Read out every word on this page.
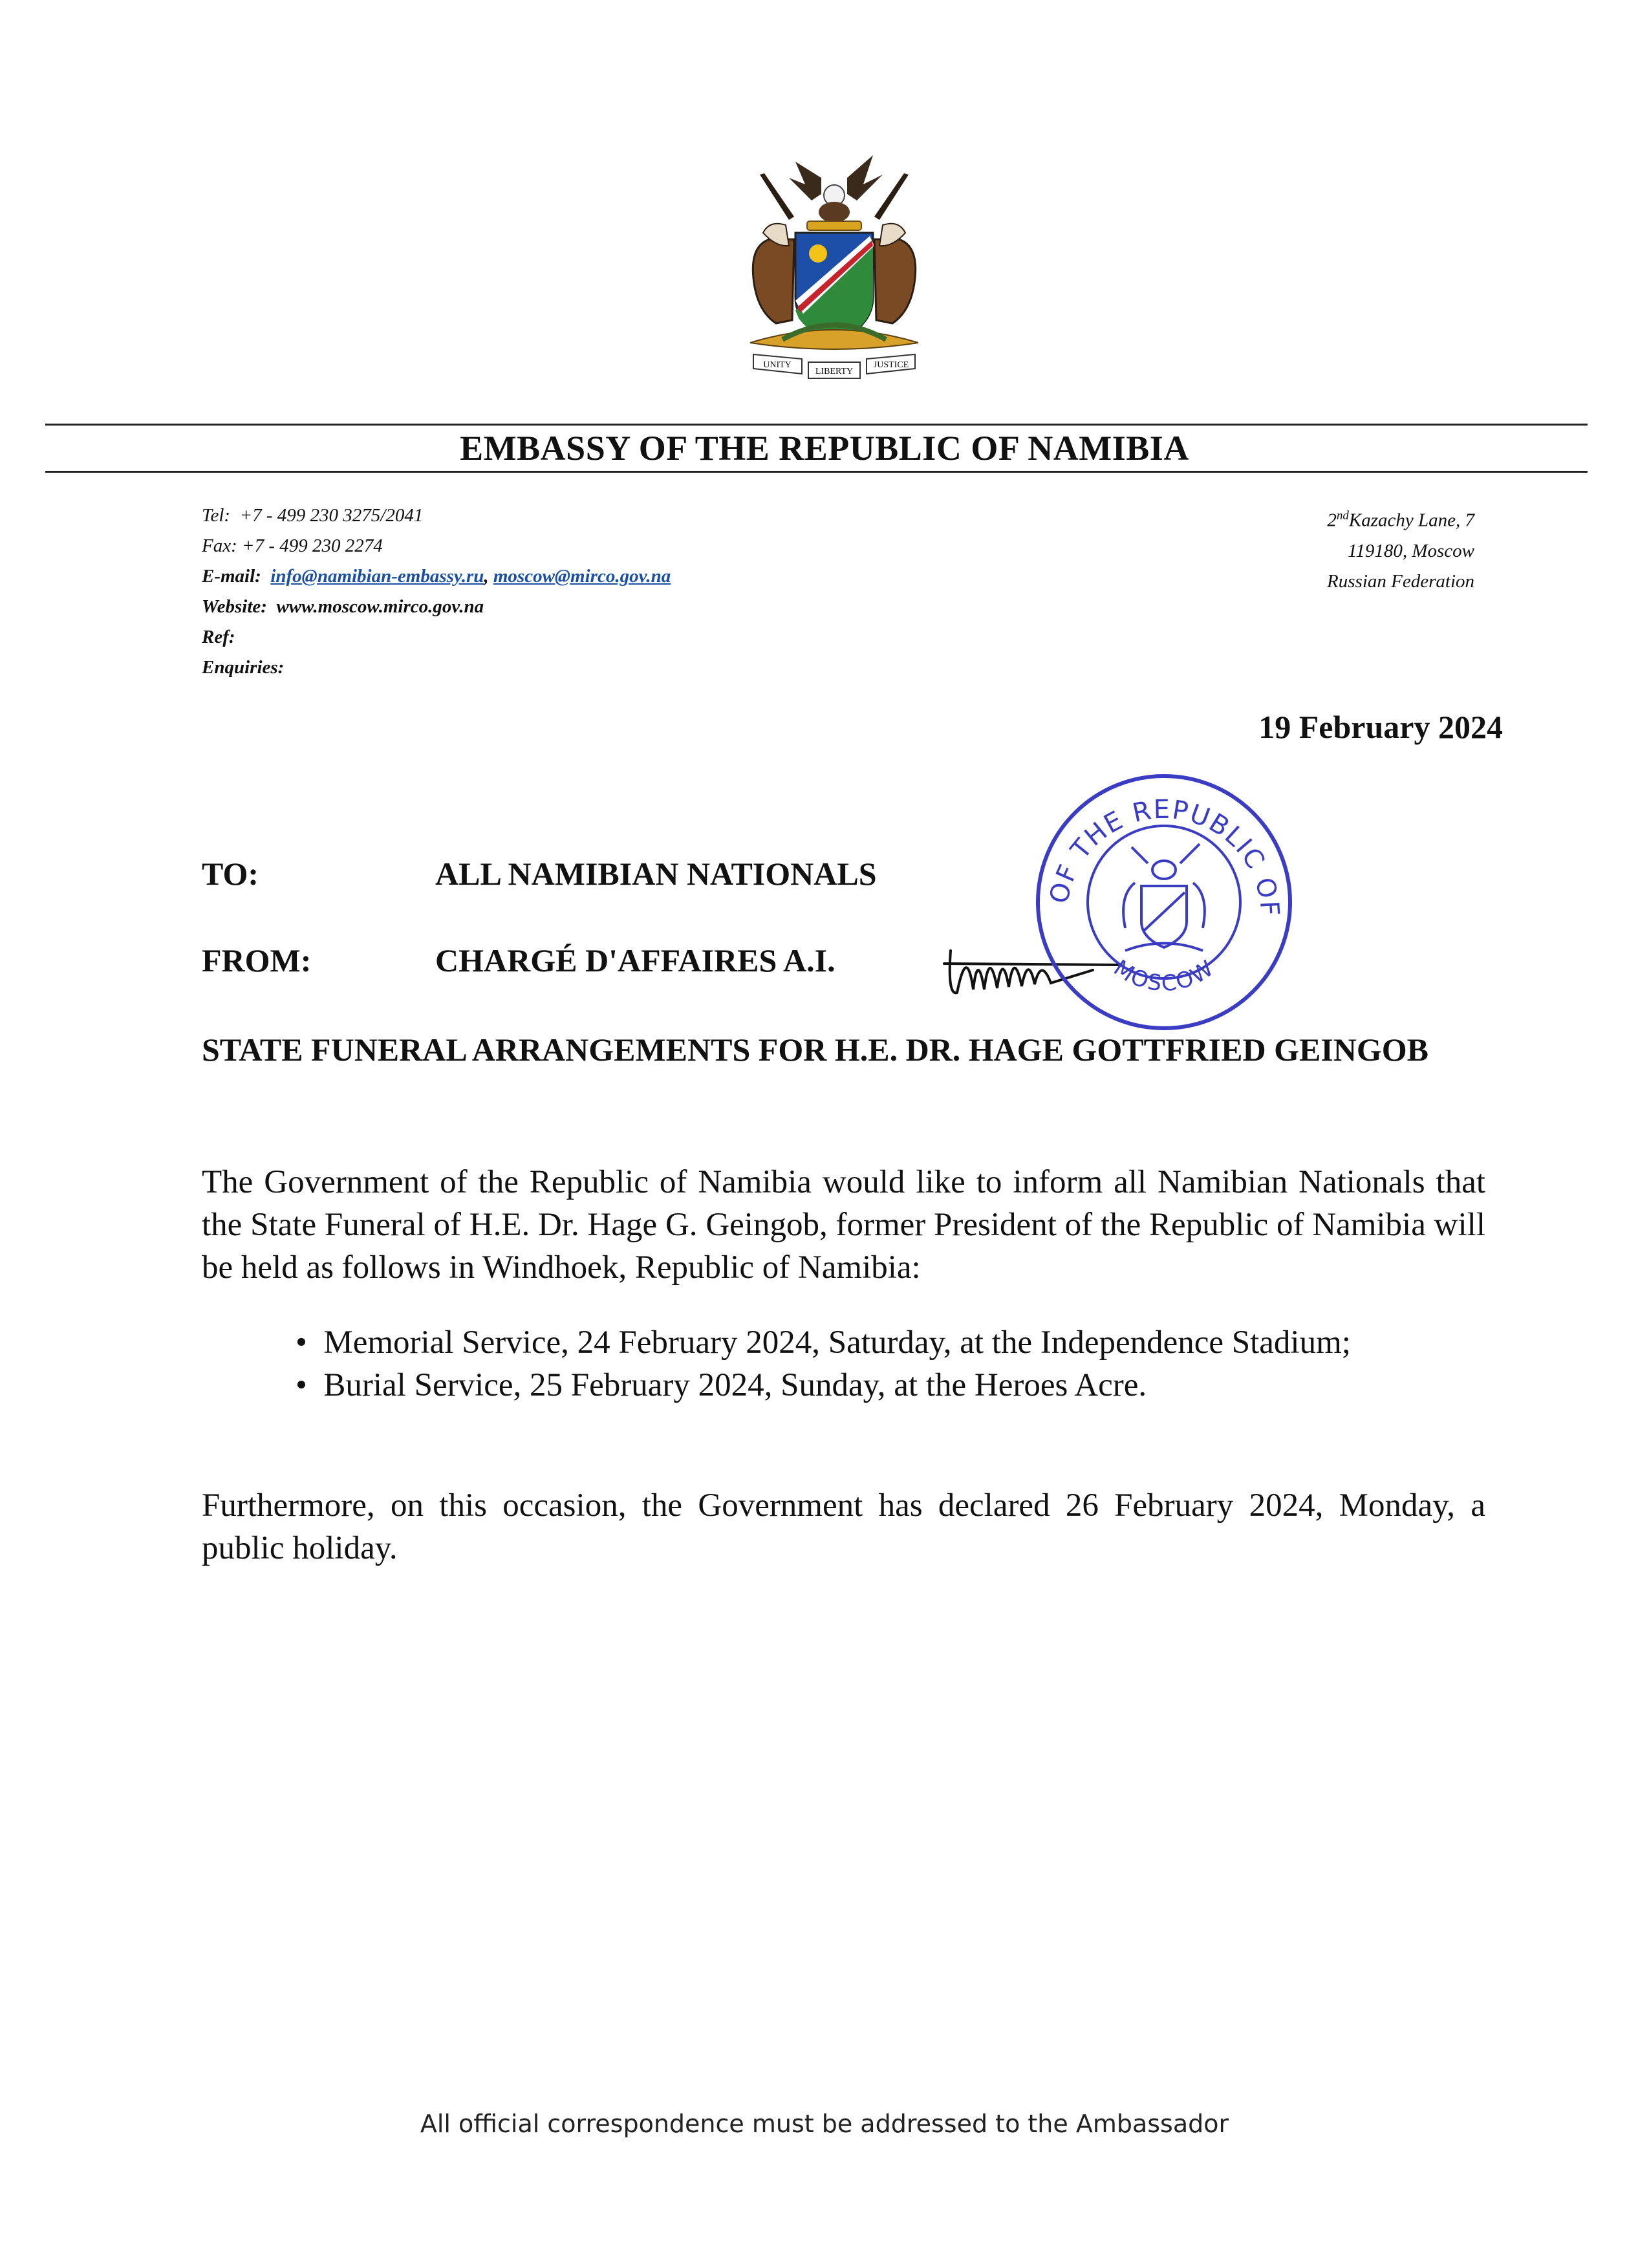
UNITY
LIBERTY
JUSTICE
EMBASSY OF THE REPUBLIC OF NAMIBIA
Tel: +7 - 499 230 3275/2041
Fax: +7 - 499 230 2274
E-mail: info@namibian-embassy.ru, moscow@mirco.gov.na
Website: www.moscow.mirco.gov.na
Ref:
Enquiries:
2ndKazachy Lane, 7
119180, Moscow
Russian Federation
19 February 2024
TO:	ALL NAMIBIAN NATIONALS
FROM:	CHARGÉ D'AFFAIRES A.I.
OF THE REPUBLIC OF
MOSCOW
STATE FUNERAL ARRANGEMENTS FOR H.E. DR. HAGE GOTTFRIED GEINGOB
The Government of the Republic of Namibia would like to inform all Namibian Nationals that the State Funeral of H.E. Dr. Hage G. Geingob, former President of the Republic of Namibia will be held as follows in Windhoek, Republic of Namibia:
•  Memorial Service, 24 February 2024, Saturday, at the Independence Stadium;
•  Burial Service, 25 February 2024, Sunday, at the Heroes Acre.
Furthermore, on this occasion, the Government has declared 26 February 2024, Monday, a public holiday.
All official correspondence must be addressed to the Ambassador
